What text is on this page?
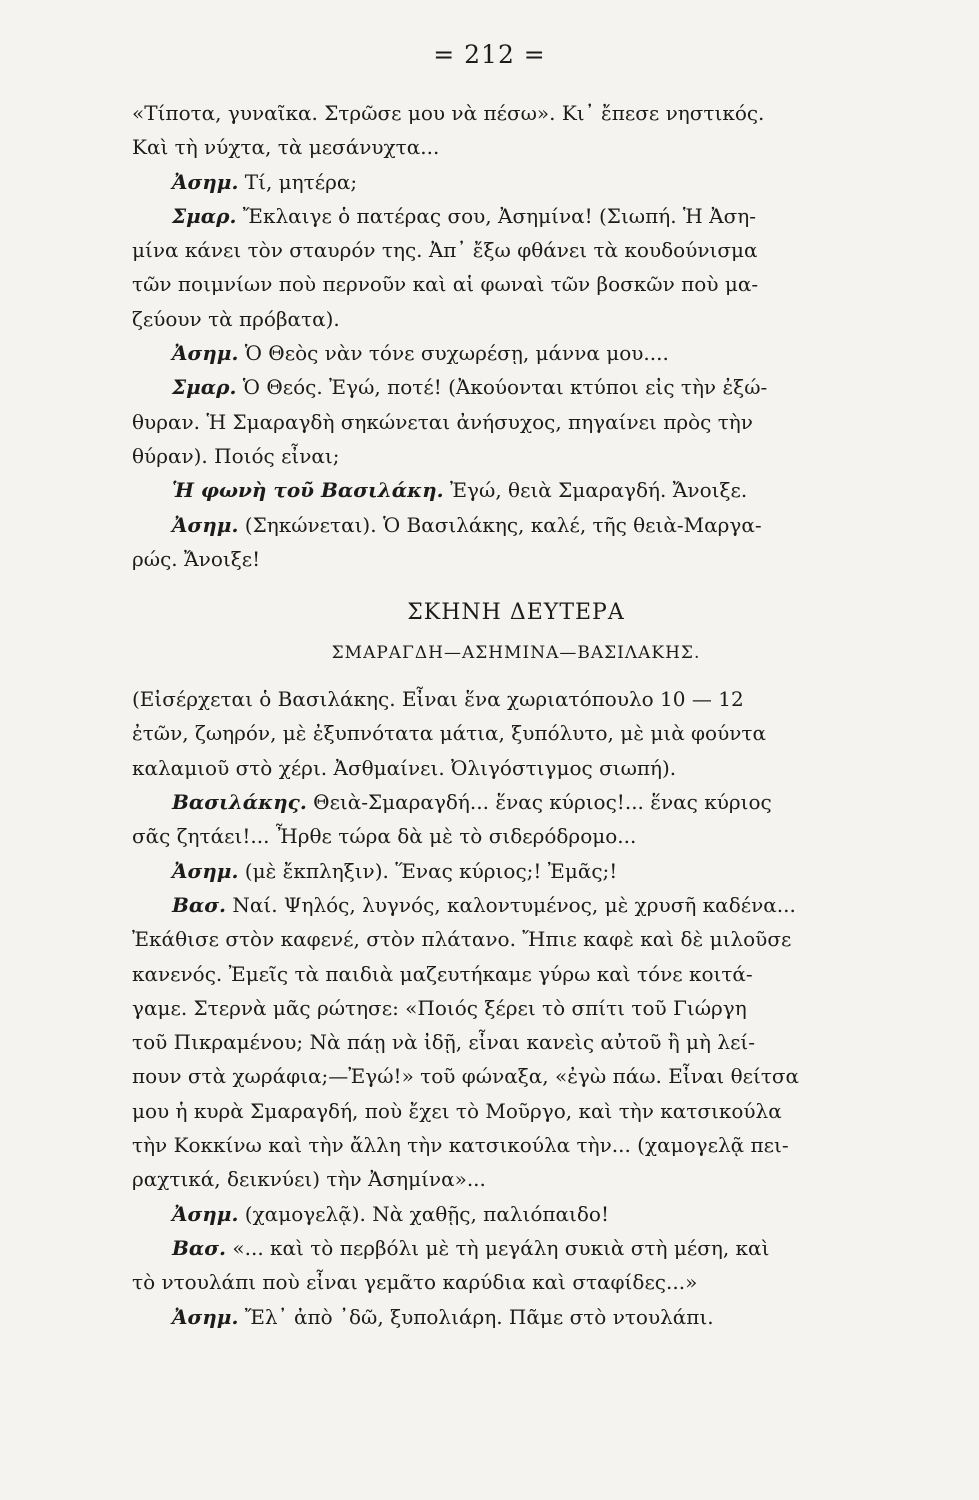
= 212 =
«Τίποτα, γυναῖκα. Στρῶσε μου νὰ πέσω». Κι᾿ ἔπεσε νηστικός.
Καὶ τὴ νύχτα, τὰ μεσάνυχτα...
Ἀσημ. Τί, μητέρα;
Σμαρ. Ἔκλαιγε ὁ πατέρας σου, Ἀσημίνα! (Σιωπή. Ἡ Ἀση-
μίνα κάνει τὸν σταυρόν της. Ἀπ᾿ ἔξω φθάνει τὰ κουδούνισμα
τῶν ποιμνίων ποὺ περνοῦν καὶ αἱ φωναὶ τῶν βοσκῶν ποὺ μα-
ζεύουν τὰ πρόβατα).
Ἀσημ. Ὁ Θεὸς νὰν τόνε συχωρέσῃ, μάννα μου....
Σμαρ. Ὁ Θεός. Ἐγώ, ποτέ! (Ἀκούονται κτύποι εἰς τὴν ἐξώ-
θυραν. Ἡ Σμαραγδὴ σηκώνεται ἀνήσυχος, πηγαίνει πρὸς τὴν
θύραν). Ποιός εἶναι;
Ἡ φωνὴ τοῦ Βασιλάκη. Ἐγώ, θειὰ Σμαραγδή. Ἄνοιξε.
Ἀσημ. (Σηκώνεται). Ὁ Βασιλάκης, καλέ, τῆς θειὰ-Μαργα-
ρώς. Ἄνοιξε!
ΣΚΗΝΗ ΔΕΥΤΕΡΑ
ΣΜΑΡΑΓΔΗ—ΑΣΗΜΙΝΑ—ΒΑΣΙΛΑΚΗΣ.
(Εἰσέρχεται ὁ Βασιλάκης. Εἶναι ἕνα χωριατόπουλο 10 — 12
ἐτῶν, ζωηρόν, μὲ ἐξυπνότατα μάτια, ξυπόλυτο, μὲ μιὰ φούντα
καλαμιοῦ στὸ χέρι. Ἀσθμαίνει. Ὀλιγόστιγμος σιωπή).
Βασιλάκης. Θειὰ-Σμαραγδή... ἕνας κύριος!... ἕνας κύριος
σᾶς ζητάει!... Ἦρθε τώρα δὰ μὲ τὸ σιδερόδρομο...
Ἀσημ. (μὲ ἔκπληξιν). Ἕνας κύριος;! Ἐμᾶς;!
Βασ. Ναί. Ψηλός, λυγνός, καλοντυμένος, μὲ χρυσῆ καδένα...
Ἐκάθισε στὸν καφενέ, στὸν πλάτανο. Ἤπιε καφὲ καὶ δὲ μιλοῦσε
κανενός. Ἐμεῖς τὰ παιδιὰ μαζευτήκαμε γύρω καὶ τόνε κοιτά-
γαμε. Στερνὰ μᾶς ρώτησε: «Ποιός ξέρει τὸ σπίτι τοῦ Γιώργη
τοῦ Πικραμένου; Νὰ πάῃ νὰ ἰδῇ, εἶναι κανεὶς αὐτοῦ ἢ μὴ λεί-
πουν στὰ χωράφια;—Ἐγώ!» τοῦ φώναξα, «ἐγὼ πάω. Εἶναι θείτσα
μου ἡ κυρὰ Σμαραγδή, ποὺ ἔχει τὸ Μοῦργο, καὶ τὴν κατσικούλα
τὴν Κοκκίνω καὶ τὴν ἄλλη τὴν κατσικούλα τὴν... (χαμογελᾷ πει-
ραχτικά, δεικνύει) τὴν Ἀσημίνα»...
Ἀσημ. (χαμογελᾷ). Νὰ χαθῇς, παλιόπαιδο!
Βασ. «... καὶ τὸ περβόλι μὲ τὴ μεγάλη συκιὰ στὴ μέση, καὶ
τὸ ντουλάπι ποὺ εἶναι γεμᾶτο καρύδια καὶ σταφίδες...»
Ἀσημ. Ἔλ᾿ ἀπὸ ᾿δῶ, ξυπολιάρη. Πᾶμε στὸ ντουλάπι.
